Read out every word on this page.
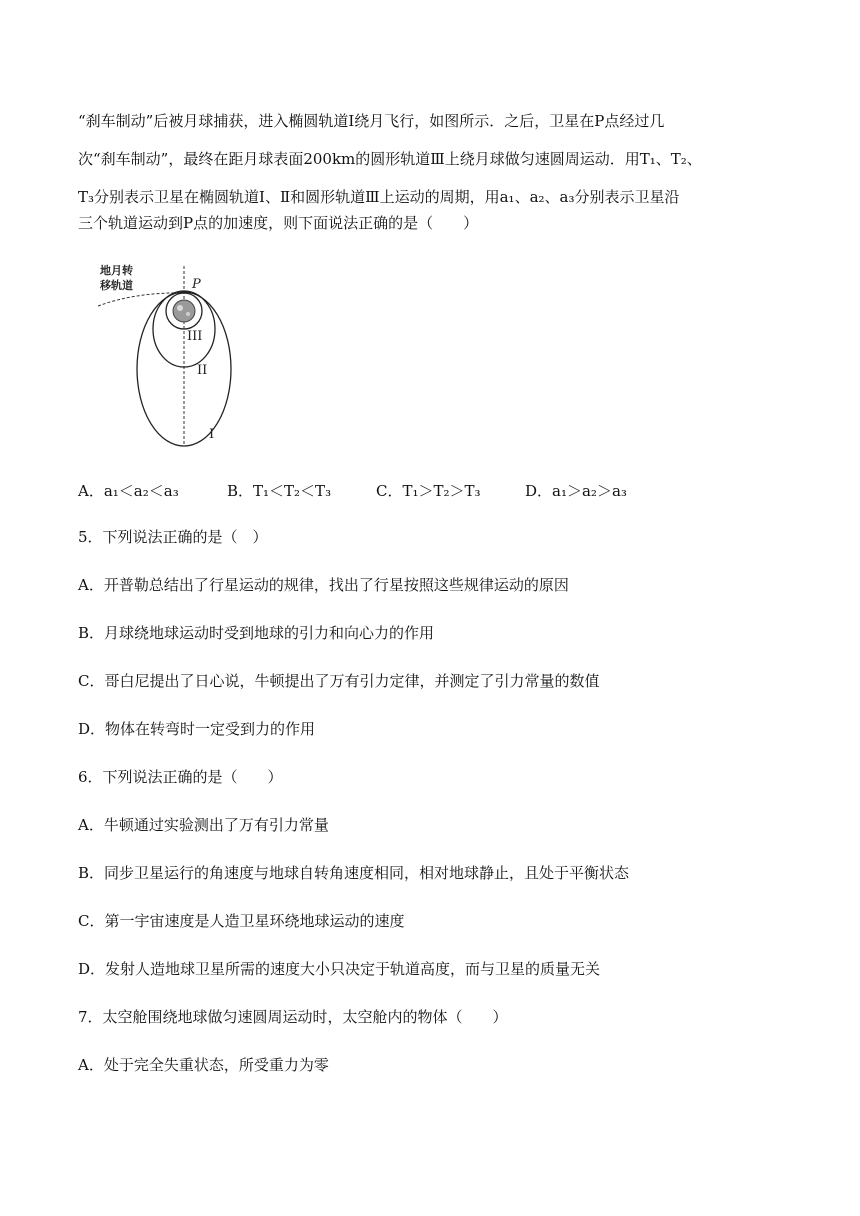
“刹车制动”后被月球捕获，进入椭圆轨道Ⅰ绕月飞行，如图所示．之后，卫星在P点经过几
次“刹车制动”，最终在距月球表面200km的圆形轨道Ⅲ上绕月球做匀速圆周运动．用T₁、T₂、
T₃分别表示卫星在椭圆轨道Ⅰ、Ⅱ和圆形轨道Ⅲ上运动的周期，用a₁、a₂、a₃分别表示卫星沿
三个轨道运动到P点的加速度，则下面说法正确的是（　　）
地月转
移轨道	P
III
II
I
A．a₁＜a₂＜a₃	B．T₁＜T₂＜T₃	C．T₁＞T₂＞T₃	D．a₁＞a₂＞a₃
5．下列说法正确的是（　）
A．开普勒总结出了行星运动的规律，找出了行星按照这些规律运动的原因
B．月球绕地球运动时受到地球的引力和向心力的作用
C．哥白尼提出了日心说，牛顿提出了万有引力定律，并测定了引力常量的数值
D．物体在转弯时一定受到力的作用
6．下列说法正确的是（　　）
A．牛顿通过实验测出了万有引力常量
B．同步卫星运行的角速度与地球自转角速度相同，相对地球静止，且处于平衡状态
C．第一宇宙速度是人造卫星环绕地球运动的速度
D．发射人造地球卫星所需的速度大小只决定于轨道高度，而与卫星的质量无关
7．太空舱围绕地球做匀速圆周运动时，太空舱内的物体（　　）
A．处于完全失重状态，所受重力为零
